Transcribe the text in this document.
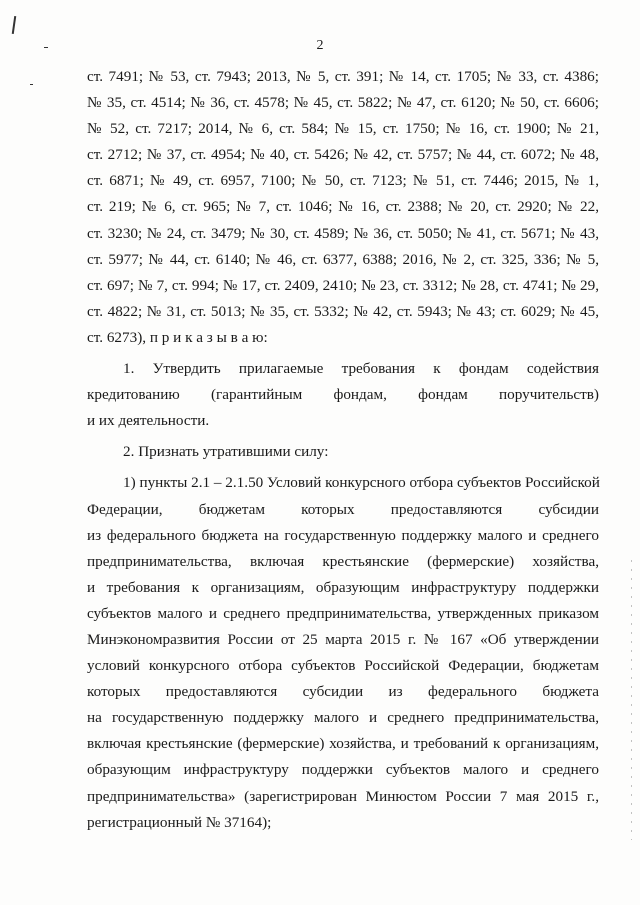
2
ст. 7491; № 53, ст. 7943; 2013, № 5, ст. 391; № 14, ст. 1705; № 33, ст. 4386;
№ 35, ст. 4514; № 36, ст. 4578; № 45, ст. 5822; № 47, ст. 6120; № 50, ст. 6606;
№ 52, ст. 7217; 2014, № 6, ст. 584; № 15, ст. 1750; № 16, ст. 1900; № 21,
ст. 2712; № 37, ст. 4954; № 40, ст. 5426; № 42, ст. 5757; № 44, ст. 6072; № 48,
ст. 6871; № 49, ст. 6957, 7100; № 50, ст. 7123; № 51, ст. 7446; 2015, № 1,
ст. 219; № 6, ст. 965; № 7, ст. 1046; № 16, ст. 2388; № 20, ст. 2920; № 22,
ст. 3230; № 24, ст. 3479; № 30, ст. 4589; № 36, ст. 5050; № 41, ст. 5671; № 43,
ст. 5977; № 44, ст. 6140; № 46, ст. 6377, 6388; 2016, № 2, ст. 325, 336; № 5,
ст. 697; № 7, ст. 994; № 17, ст. 2409, 2410; № 23, ст. 3312; № 28, ст. 4741; № 29,
ст. 4822; № 31, ст. 5013; № 35, ст. 5332; № 42, ст. 5943; № 43; ст. 6029; № 45,
ст. 6273), п р и к а з ы в а ю:
1. Утвердить прилагаемые требования к фондам содействия
кредитованию (гарантийным фондам, фондам поручительств)
и их деятельности.
2. Признать утратившими силу:
1) пункты 2.1 – 2.1.50 Условий конкурсного отбора субъектов Российской
Федерации, бюджетам которых предоставляются субсидии
из федерального бюджета на государственную поддержку малого и среднего
предпринимательства, включая крестьянские (фермерские) хозяйства,
и требования к организациям, образующим инфраструктуру поддержки
субъектов малого и среднего предпринимательства, утвержденных приказом
Минэкономразвития России от 25 марта 2015 г. № 167 «Об утверждении
условий конкурсного отбора субъектов Российской Федерации, бюджетам
которых предоставляются субсидии из федерального бюджета
на государственную поддержку малого и среднего предпринимательства,
включая крестьянские (фермерские) хозяйства, и требований к организациям,
образующим инфраструктуру поддержки субъектов малого и среднего
предпринимательства» (зарегистрирован Минюстом России 7 мая 2015 г.,
регистрационный № 37164);
